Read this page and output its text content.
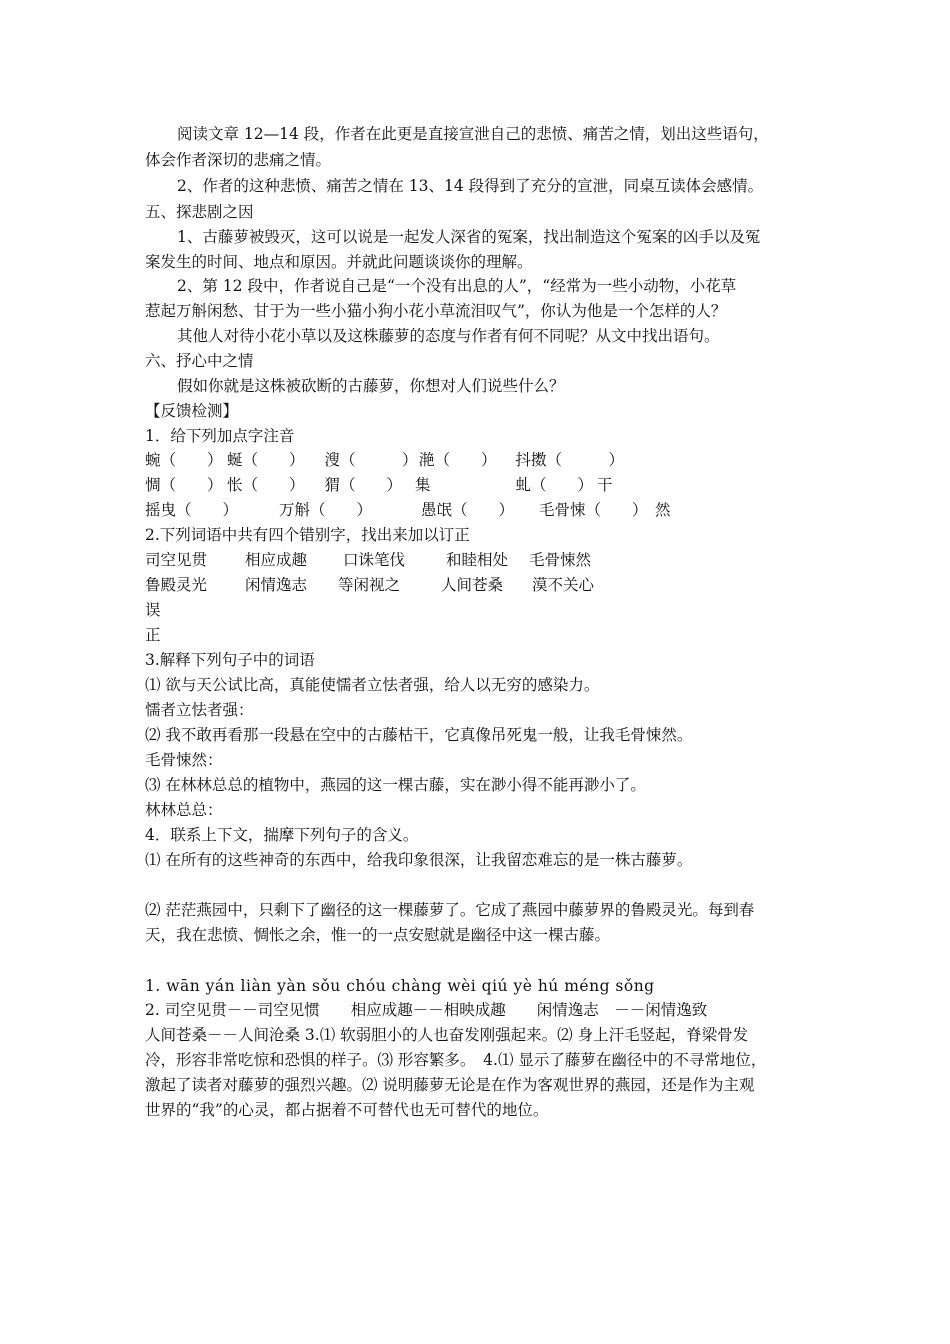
阅读文章 12—14 段，作者在此更是直接宣泄自己的悲愤、痛苦之情，划出这些语句，
体会作者深切的悲痛之情。
2、作者的这种悲愤、痛苦之情在 13、14 段得到了充分的宣泄，同桌互读体会感情。
五、探悲剧之因
1、古藤萝被毁灭，这可以说是一起发人深省的冤案，找出制造这个冤案的凶手以及冤
案发生的时间、地点和原因。并就此问题谈谈你的理解。
2、第 12 段中，作者说自己是“一个没有出息的人”，“经常为一些小动物，小花草
惹起万斛闲愁、甘于为一些小猫小狗小花小草流泪叹气”，你认为他是一个怎样的人？
其他人对待小花小草以及这株藤萝的态度与作者有何不同呢？从文中找出语句。
六、抒心中之情
假如你就是这株被砍断的古藤萝，你想对人们说些什么？
【反馈检测】
1．给下列加点字注音
蜿（　　） 蜒（　　） 　溲（　　　） 滟（　　） 　抖擞（　　　）
惆（　　） 怅（　　） 　猬（　　） 集	　虬（　　） 干
摇曳（　　）	万斛（　　）	愚氓（　　） 毛骨悚（　　） 然
2.下列词语中共有四个错别字，找出来加以订正
司空见贯 相应成趣 口诛笔伐	和睦相处 毛骨悚然
鲁殿灵光 闲情逸志 等闲视之	人间苍桑 漠不关心
误
正
3.解释下列句子中的词语
⑴ 欲与天公试比高，真能使懦者立怯者强，给人以无穷的感染力。
懦者立怯者强：
⑵ 我不敢再看那一段悬在空中的古藤枯干，它真像吊死鬼一般，让我毛骨悚然。
毛骨悚然：
⑶ 在林林总总的植物中，燕园的这一棵古藤，实在渺小得不能再渺小了。
林林总总：
4．联系上下文，揣摩下列句子的含义。
⑴ 在所有的这些神奇的东西中，给我印象很深，让我留恋难忘的是一株古藤萝。
⑵ 茫茫燕园中，只剩下了幽径的这一棵藤萝了。它成了燕园中藤萝界的鲁殿灵光。每到春
天，我在悲愤、惆怅之余，惟一的一点安慰就是幽径中这一棵古藤。
1. wān yán liàn yàn sǒu chóu chàng wèi qiú yè hú méng sǒng
2. 司空见贯－－司空见惯　　相应成趣－－相映成趣　　闲情逸志　－－闲情逸致
人间苍桑－－人间沧桑 3.⑴ 软弱胆小的人也奋发刚强起来。⑵ 身上汗毛竖起，脊梁骨发
冷，形容非常吃惊和恐惧的样子。⑶ 形容繁多。　4.⑴ 显示了藤萝在幽径中的不寻常地位，
激起了读者对藤萝的强烈兴趣。⑵ 说明藤萝无论是在作为客观世界的燕园，还是作为主观
世界的“我”的心灵，都占据着不可替代也无可替代的地位。
